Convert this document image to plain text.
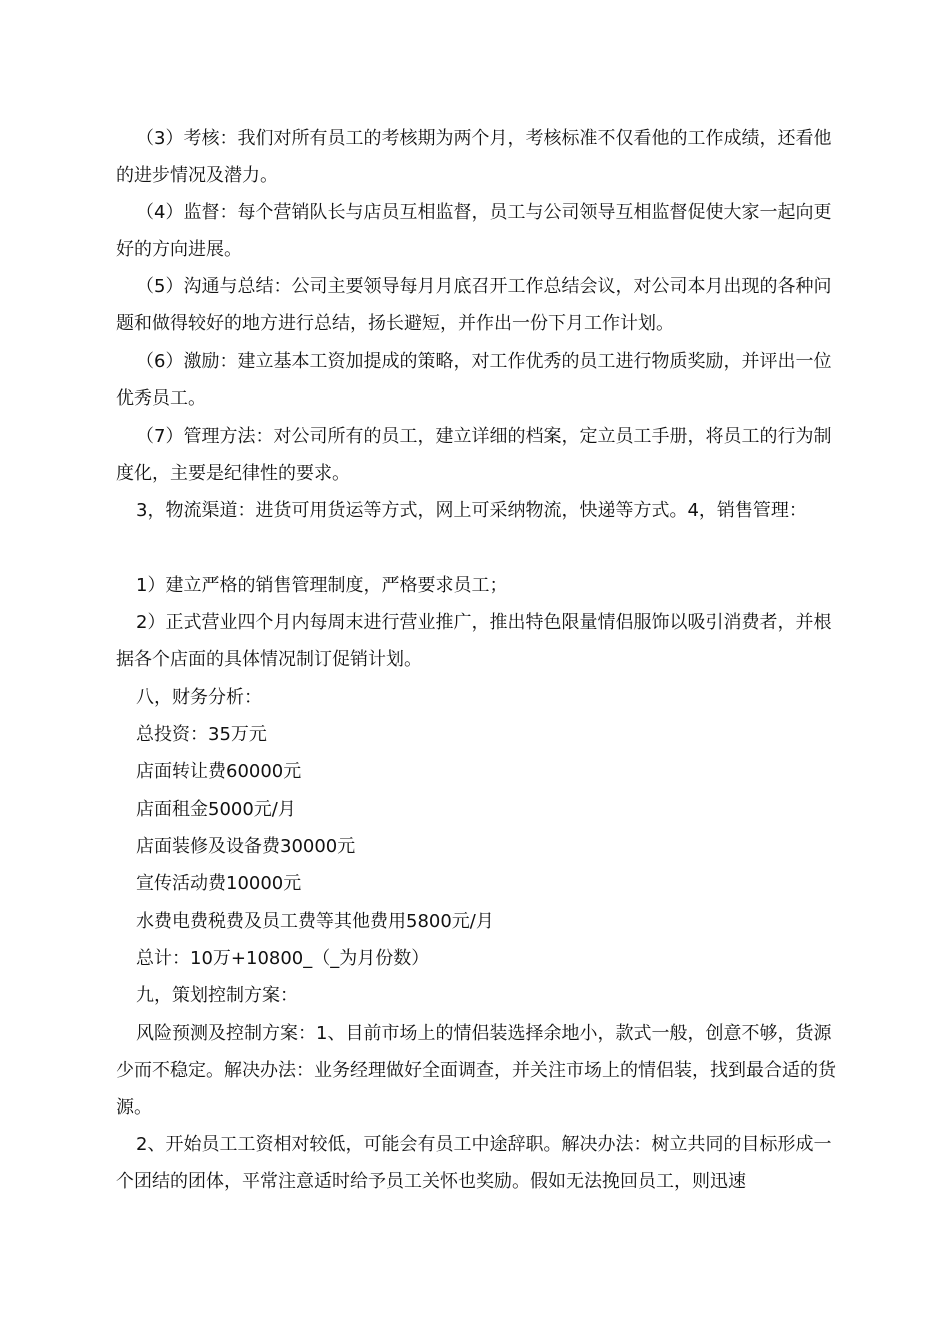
（3）考核：我们对所有员工的考核期为两个月，考核标准不仅看他的工作成绩，还看他的进步情况及潜力。

（4）监督：每个营销队长与店员互相监督，员工与公司领导互相监督促使大家一起向更好的方向进展。

（5）沟通与总结：公司主要领导每月月底召开工作总结会议，对公司本月出现的各种问题和做得较好的地方进行总结，扬长避短，并作出一份下月工作计划。

（6）激励：建立基本工资加提成的策略，对工作优秀的员工进行物质奖励，并评出一位优秀员工。

（7）管理方法：对公司所有的员工，建立详细的档案，定立员工手册，将员工的行为制度化，主要是纪律性的要求。

3，物流渠道：进货可用货运等方式，网上可采纳物流，快递等方式。4，销售管理：

1）建立严格的销售管理制度，严格要求员工；

2）正式营业四个月内每周末进行营业推广，推出特色限量情侣服饰以吸引消费者，并根据各个店面的具体情况制订促销计划。

八，财务分析：

总投资：35万元

店面转让费60000元

店面租金5000元/月

店面装修及设备费30000元

宣传活动费10000元

水费电费税费及员工费等其他费用5800元/月

总计：10万+10800_（_为月份数）

九，策划控制方案：

风险预测及控制方案：1、目前市场上的情侣装选择余地小，款式一般，创意不够，货源少而不稳定。解决办法：业务经理做好全面调查，并关注市场上的情侣装，找到最合适的货源。

2、开始员工工资相对较低，可能会有员工中途辞职。解决办法：树立共同的目标形成一个团结的团体，平常注意适时给予员工关怀也奖励。假如无法挽回员工，则迅速
